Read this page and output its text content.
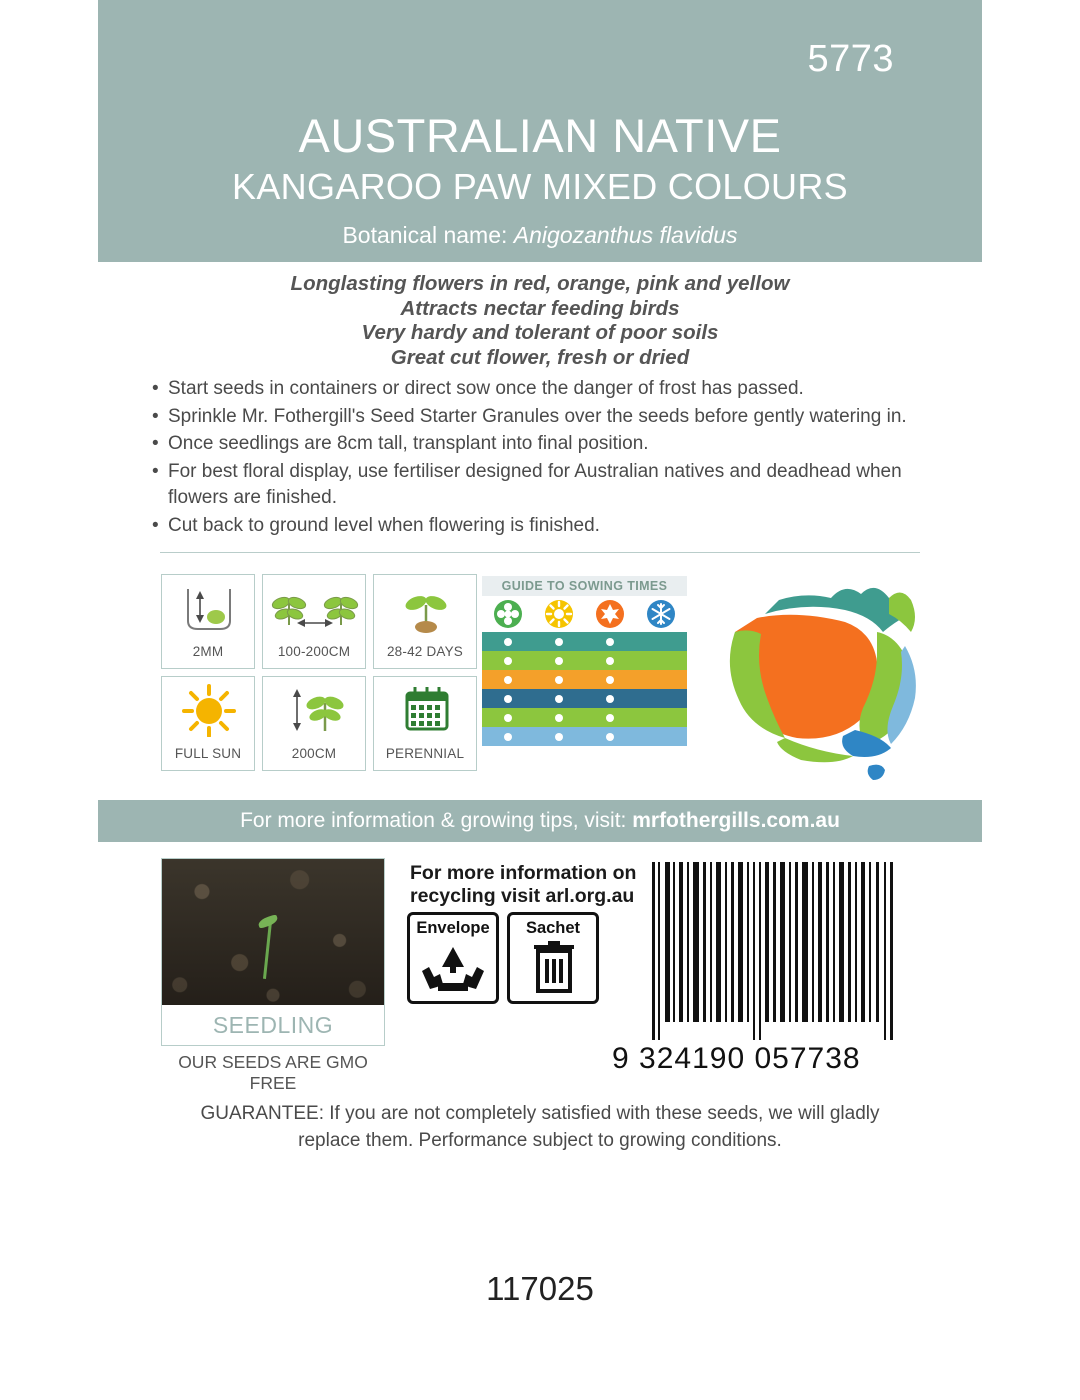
5773
AUSTRALIAN NATIVE
KANGAROO PAW MIXED COLOURS
Botanical name: Anigozanthus flavidus
Longlasting flowers in red, orange, pink and yellow
Attracts nectar feeding birds
Very hardy and tolerant of poor soils
Great cut flower, fresh or dried
• Start seeds in containers or direct sow once the danger of frost has passed.
• Sprinkle Mr. Fothergill's Seed Starter Granules over the seeds before gently watering in.
• Once seedlings are 8cm tall, transplant into final position.
• For best floral display, use fertiliser designed for Australian natives and deadhead when flowers are finished.
• Cut back to ground level when flowering is finished.
2MM	100-200CM	28-42 DAYS
FULL SUN	200CM	PERENNIAL
GUIDE TO SOWING TIMES
For more information & growing tips, visit: mrfothergills.com.au
SEEDLING
OUR SEEDS ARE GMO FREE
For more information on recycling visit arl.org.au
Envelope	Sachet
9 324190 057738
GUARANTEE: If you are not completely satisfied with these seeds, we will gladly replace them. Performance subject to growing conditions.
117025
